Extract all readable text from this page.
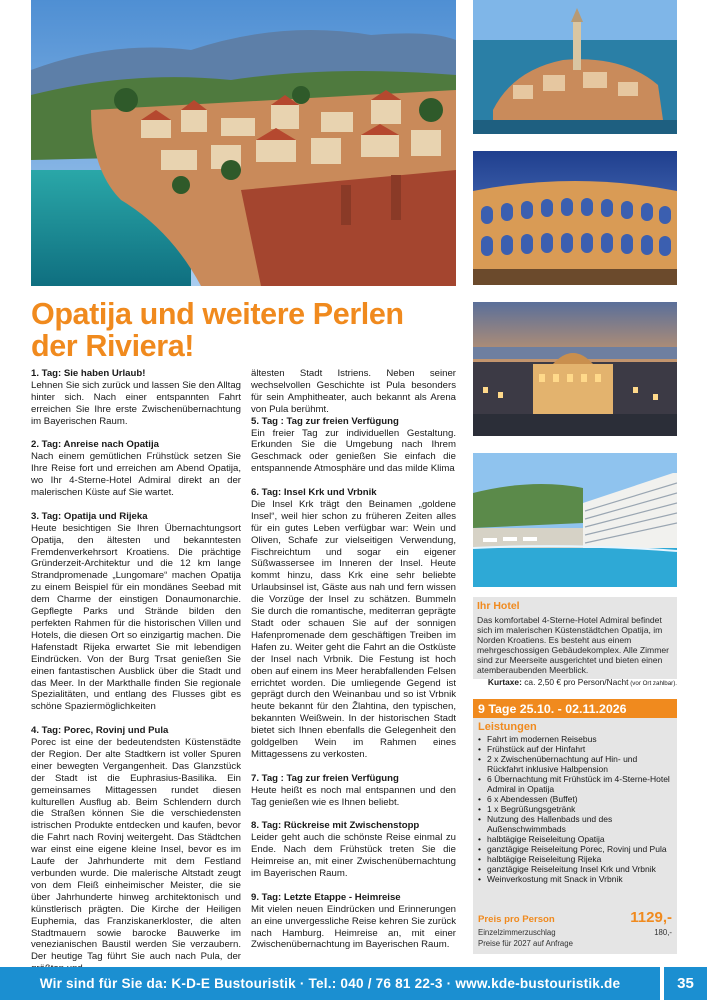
Opatija und weitere Perlen
der Riviera!
1. Tag: Sie haben Urlaub!

Lehnen Sie sich zurück und lassen Sie den Alltag hinter sich. Nach einer entspannten Fahrt erreichen Sie Ihre erste Zwischenübernachtung im Bayerischen Raum.

2. Tag: Anreise nach Opatija

Nach einem gemütlichen Frühstück setzen Sie Ihre Reise fort und erreichen am Abend Opatija, wo Ihr 4-Sterne-Hotel Admiral direkt an der malerischen Küste auf Sie wartet.

3. Tag: Opatija und Rijeka

Heute besichtigen Sie Ihren Übernachtungsort Opatija, den ältesten und bekanntesten Fremdenverkehrsort Kroatiens. Die prächtige Gründerzeit-Architektur und die 12 km lange Strandpromenade „Lungomare“ machen Opatija zu einem Beispiel für ein mondänes Seebad mit dem Charme der einstigen Donaumonarchie. Gepflegte Parks und Strände bilden den perfekten Rahmen für die historischen Villen und Hotels, die diesen Ort so einzigartig machen. Die Hafenstadt Rijeka erwartet Sie mit lebendigen Eindrücken. Von der Burg Trsat genießen Sie einen fantastischen Ausblick über die Stadt und das Meer. In der Markthalle finden Sie regionale Spezialitäten, und entlang des Flusses gibt es schöne Spaziermöglichkeiten

4. Tag: Porec, Rovinj und Pula

Porec ist eine der bedeutendsten Küstenstädte der Region. Der alte Stadtkern ist voller Spuren einer bewegten Vergangenheit. Das Glanzstück der Stadt ist die Euphrasius-Basilika. Ein gemeinsames Mittagessen rundet diesen kulturellen Ausflug ab. Beim Schlendern durch die Straßen können Sie die verschiedensten istrischen Produkte entdecken und kaufen, bevor die Fahrt nach Rovinj weitergeht. Das Städtchen war einst eine eigene kleine Insel, bevor es im Laufe der Jahrhunderte mit dem Festland verbunden wurde. Die malerische Altstadt zeugt von dem Fleiß einheimischer Meister, die sie über Jahrhunderte hinweg architektonisch und künstlerisch prägten. Die Kirche der Heiligen Euphemia, das Franziskanerkloster, die alten Stadtmauern sowie barocke Bauwerke im venezianischen Baustil werden Sie verzaubern. Der heutige Tag führt Sie auch nach Pula, der

ältesten Stadt Istriens. Neben seiner wechselvollen Geschichte ist Pula besonders für sein Amphitheater, auch bekannt als Arena von Pula berühmt.

5. Tag : Tag zur freien Verfügung

Ein freier Tag zur individuellen Gestaltung. Erkunden Sie die Umgebung nach Ihrem Geschmack oder genießen Sie einfach die entspannende Atmosphäre und das milde Klima

6. Tag: Insel Krk und Vrbnik

Die Insel Krk trägt den Beinamen „goldene Insel“, weil hier schon zu früheren Zeiten alles für ein gutes Leben verfügbar war: Wein und Oliven, Schafe zur vielseitigen Verwendung, Fischreichtum und sogar ein eigener Süßwassersee im Inneren der Insel. Heute kommt hinzu, dass Krk eine sehr beliebte Urlaubsinsel ist, Gäste aus nah und fern wissen die Vorzüge der Insel zu schätzen. Bummeln Sie durch die romantische, mediterran geprägte Stadt oder schauen Sie auf der sonnigen Hafenpromenade dem geschäftigen Treiben im Hafen zu. Weiter geht die Fahrt an die Ostküste der Insel nach Vrbnik. Die Festung ist hoch oben auf einem ins Meer herabfallenden Felsen errichtet worden. Die umliegende Gegend ist geprägt durch den Weinanbau und so ist Vrbnik heute bekannt für den Žlahtina, den typischen, bekannten Weißwein. In der historischen Stadt bietet sich Ihnen ebenfalls die Gelegenheit den goldgelben Wein im Rahmen eines Mittagessens zu verkosten.

7. Tag : Tag zur freien Verfügung

Heute heißt es noch mal entspannen und den Tag genießen wie es Ihnen beliebt.

8. Tag: Rückreise mit Zwischenstopp

Leider geht auch die schönste Reise einmal zu Ende. Nach dem Frühstück treten Sie die Heimreise an, mit einer Zwischenübernachtung im Bayerischen Raum.

9. Tag: Letzte Etappe - Heimreise

Mit vielen neuen Eindrücken und Erinnerungen an eine unvergessliche Reise kehren Sie zurück nach Hamburg. Heimreise an, mit einer Zwischenübernachtung im Bayerischen Raum.

Ihr Hotel

Das komfortabel 4-Sterne-Hotel Admiral befindet sich im malerischen Küstenstädtchen Opatija, im Norden Kroatiens. Es besteht aus einem mehrgeschossigen Gebäudekomplex. Alle Zimmer sind zur Meerseite ausgerichtet und bieten einen atemberaubenden Meerblick.

Kurtaxe: ca. 2,50 € pro Person/Nacht (vor Ort zahlbar).
9 Tage 25.10. - 02.11.2026
Leistungen
• Fahrt im modernen Reisebus
• Frühstück auf der Hinfahrt
• 2 x Zwischenübernachtung auf Hin- und Rückfahrt inklusive Halbpension
• 6 Übernachtung mit Frühstück im 4-Sterne-Hotel Admiral in Opatija
• 6 x Abendessen (Buffet)
• 1 x Begrüßungsgetränk
• Nutzung des Hallenbads und des Außenschwimmbads
• halbtägige Reiseleitung Opatija
• ganztägige Reiseleitung Porec, Rovinj und Pula
• halbtägige Reiseleitung Rijeka
• ganztägige Reiseleitung Insel Krk und Vrbnik
• Weinverkostung mit Snack in Vrbnik
Preis pro Person	1129,-
Einzelzimmerzuschlag	180,-
Preise für 2027 auf Anfrage
Wir sind für Sie da: K-D-E Bustouristik · Tel.: 040 / 76 81 22-3 · www.kde-bustouristik.de	35
